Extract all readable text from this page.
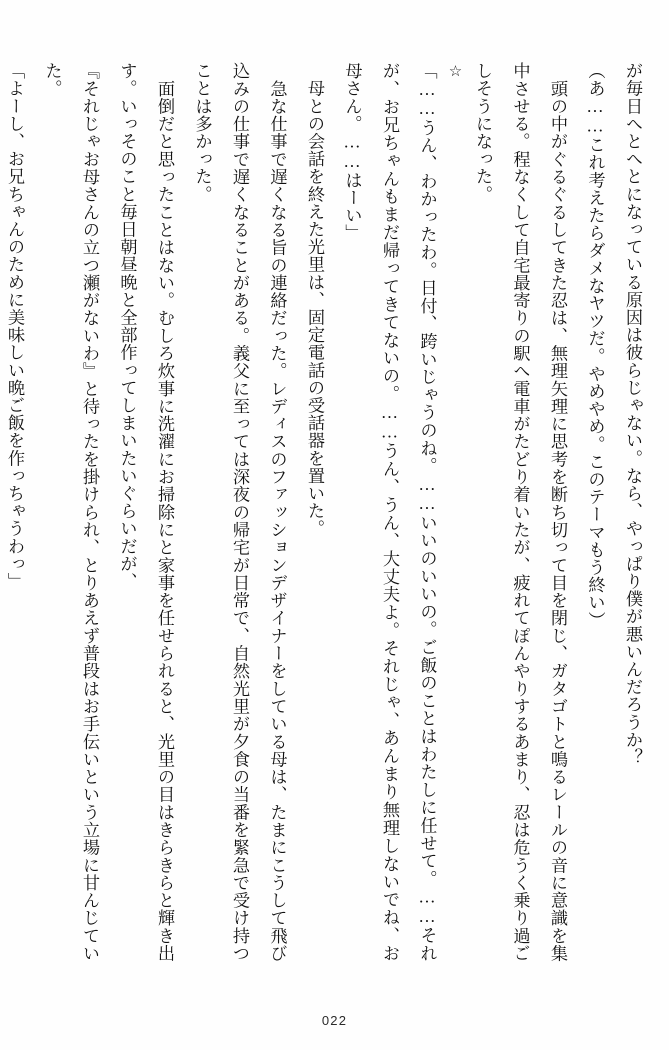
が毎日へとへとになっている原因は彼らじゃない。なら、やっぱり僕が悪いんだろうか？

（あ……これ考えたらダメなヤツだ。やめやめ。このテーマもう終い）

　頭の中がぐるぐるしてきた忍は、無理矢理に思考を断ち切って目を閉じ、ガタゴトと鳴るレールの音に意識を集中させる。程なくして自宅最寄りの駅へ電車がたどり着いたが、疲れてぽんやりするあまり、忍は危うく乗り過ごしそうになった。

☆

「……うん、わかったわ。日付、跨いじゃうのね。……いいのいいの。ご飯のことはわたしに任せて。……それが、お兄ちゃんもまだ帰ってきてないの。……うん、うん、大丈夫よ。それじゃ、あんまり無理しないでね、お母さん。……はーい」

　母との会話を終えた光里は、固定電話の受話器を置いた。

　急な仕事で遅くなる旨の連絡だった。レディスのファッションデザイナーをしている母は、たまにこうして飛び込みの仕事で遅くなることがある。義父に至っては深夜の帰宅が日常で、自然光里が夕食の当番を緊急で受け持つことは多かった。

　面倒だと思ったことはない。むしろ炊事に洗濯にお掃除にと家事を任せられると、光里の目はきらきらと輝き出す。いっそのこと毎日朝昼晩と全部作ってしまいたいぐらいだが、

『それじゃお母さんの立つ瀬がないわ』と待ったを掛けられ、とりあえず普段はお手伝いという立場に甘んじていた。

「よーし、お兄ちゃんのために美味しい晩ご飯を作っちゃうわっ」

022
